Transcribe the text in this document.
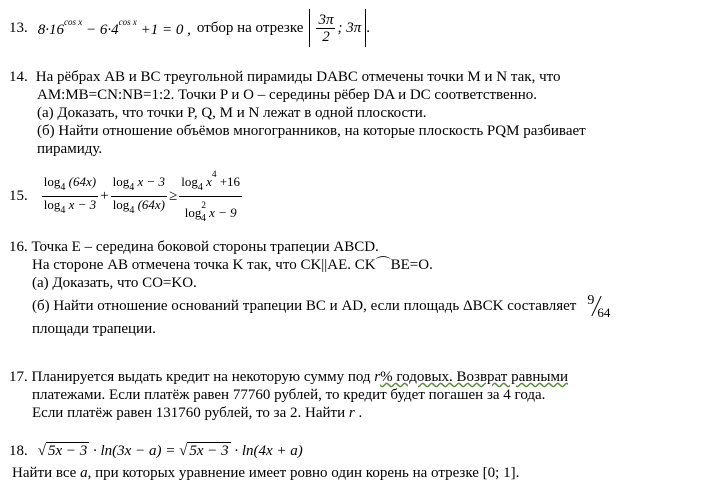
13. $8\cdot 16^{cos x} - 6\cdot 4^{cos x} +1 = 0$ , отбор на отрезке $\frac{3\pi}{2}$ ; 3π .
14. На рёбрах AB и BC треугольной пирамиды DABC отмечены точки M и N так, что
AM:MB=CN:NB=1:2. Точки P и O – середины рёбер DA и DC соответственно.
(а) Доказать, что точки P, Q, M и N лежат в одной плоскости.
(б) Найти отношение объёмов многогранников, на которые плоскость PQM разбивает
пирамиду.
15. $\frac{\log_4 (64x)}{\log_4 x - 3} + \frac{\log_4 x - 3}{\log_4 (64x)} \ge \frac{\log_4 x^4 +16}{\log^2_4 x - 9}$
16. Точка E – середина боковой стороны трапеции ABCD.
На стороне AB отмечена точка K так, что CK||AE. CK⌒BE=O.
(а) Доказать, что CO=KO.
(б) Найти отношение оснований трапеции BC и AD, если площадь ΔBCK составляет 9
64
площади трапеции.
17. Планируется выдать кредит на некоторую сумму под r% годовых. Возврат равными
платежами. Если платёж равен 77760 рублей, то кредит будет погашен за 4 года.
Если платёж равен 131760 рублей, то за 2. Найти r .
18. √ 5x − 3 · ln(3x − a) = √ 5x − 3 · ln(4x + a)
Найти все a, при которых уравнение имеет ровно один корень на отрезке [0; 1].
